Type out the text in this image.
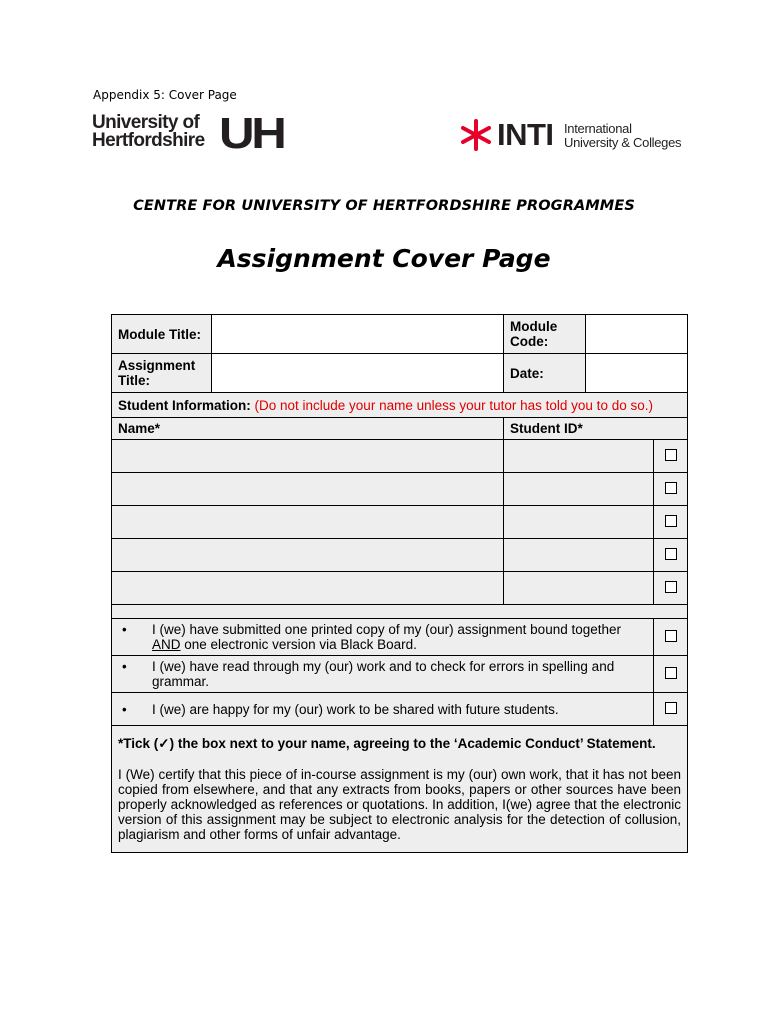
Appendix 5: Cover Page
University of
Hertfordshire UH	INTI International
University & Colleges
CENTRE FOR UNIVERSITY OF HERTFORDSHIRE PROGRAMMES
Assignment Cover Page
Module Title:		Module Code:		
Assignment Title:		Date:		
Student Information: (Do not include your name unless your tutor has told you to do so.)				
Name*		Student ID*		

• I (we) have submitted one printed copy of my (our) assignment bound together
AND one electronic version via Black Board.				

• I (we) have read through my (our) work and to check for errors in spelling and grammar.				

• I (we) are happy for my (our) work to be shared with future students.				

*Tick (✓) the box next to your name, agreeing to the ‘Academic Conduct’ Statement.
I (We) certify that this piece of in-course assignment is my (our) own work, that it has not been copied from elsewhere, and that any extracts from books, papers or other sources have been properly acknowledged as references or quotations. In addition, I(we) agree that the electronic version of this assignment may be subject to electronic analysis for the detection of collusion, plagiarism and other forms of unfair advantage.				
